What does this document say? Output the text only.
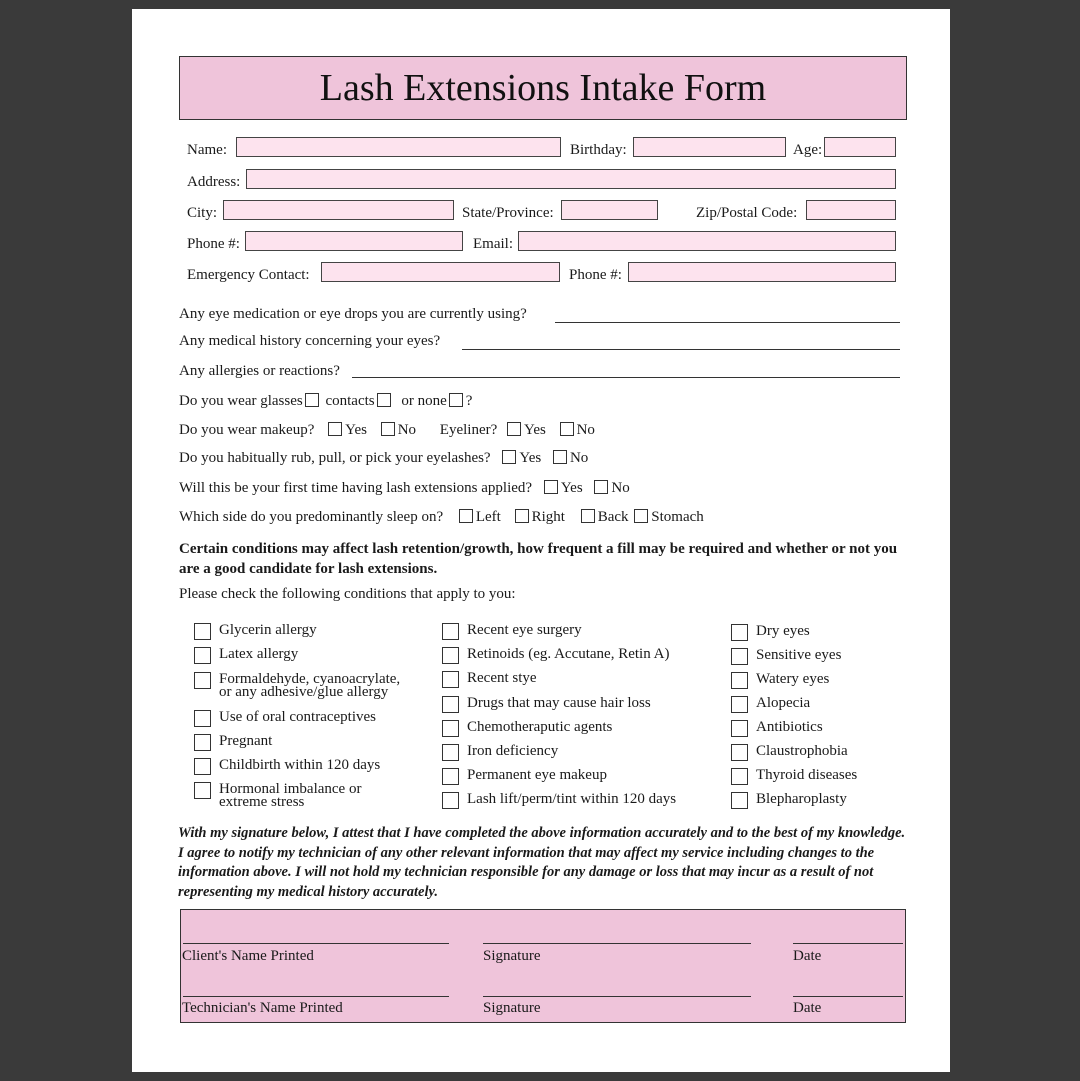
Lash Extensions Intake Form
Name:	Birthday:	Age:
Address:
City:	State/Province:	Zip/Postal Code:
Phone #:	Email:
Emergency Contact:	Phone #:
Any eye medication or eye drops you are currently using?
Any medical history concerning your eyes?
Any allergies or reactions?
Do you wear glasses contacts or none ?
Do you wear makeup? Yes No Eyeliner? Yes No
Do you habitually rub, pull, or pick your eyelashes? Yes No
Will this be your first time having lash extensions applied? Yes No
Which side do you predominantly sleep on? Left Right Back Stomach
Certain conditions may affect lash retention/growth, how frequent a fill may be required and whether or not you are a good candidate for lash extensions.
Please check the following conditions that apply to you:
Glycerin allergy
Latex allergy
Formaldehyde, cyanoacrylate,
or any adhesive/glue allergy
Use of oral contraceptives
Pregnant
Childbirth within 120 days
Hormonal imbalance or
extreme stress
Recent eye surgery
Retinoids (eg. Accutane, Retin A)
Recent stye
Drugs that may cause hair loss
Chemotheraputic agents
Iron deficiency
Permanent eye makeup
Lash lift/perm/tint within 120 days
Dry eyes
Sensitive eyes
Watery eyes
Alopecia
Antibiotics
Claustrophobia
Thyroid diseases
Blepharoplasty
With my signature below, I attest that I have completed the above information accurately and to the best of my knowledge. I agree to notify my technician of any other relevant information that may affect my service including changes to the information above. I will not hold my technician responsible for any damage or loss that may incur as a result of not representing my medical history accurately.
Client's Name Printed	Signature	Date
Technician's Name Printed	Signature	Date
